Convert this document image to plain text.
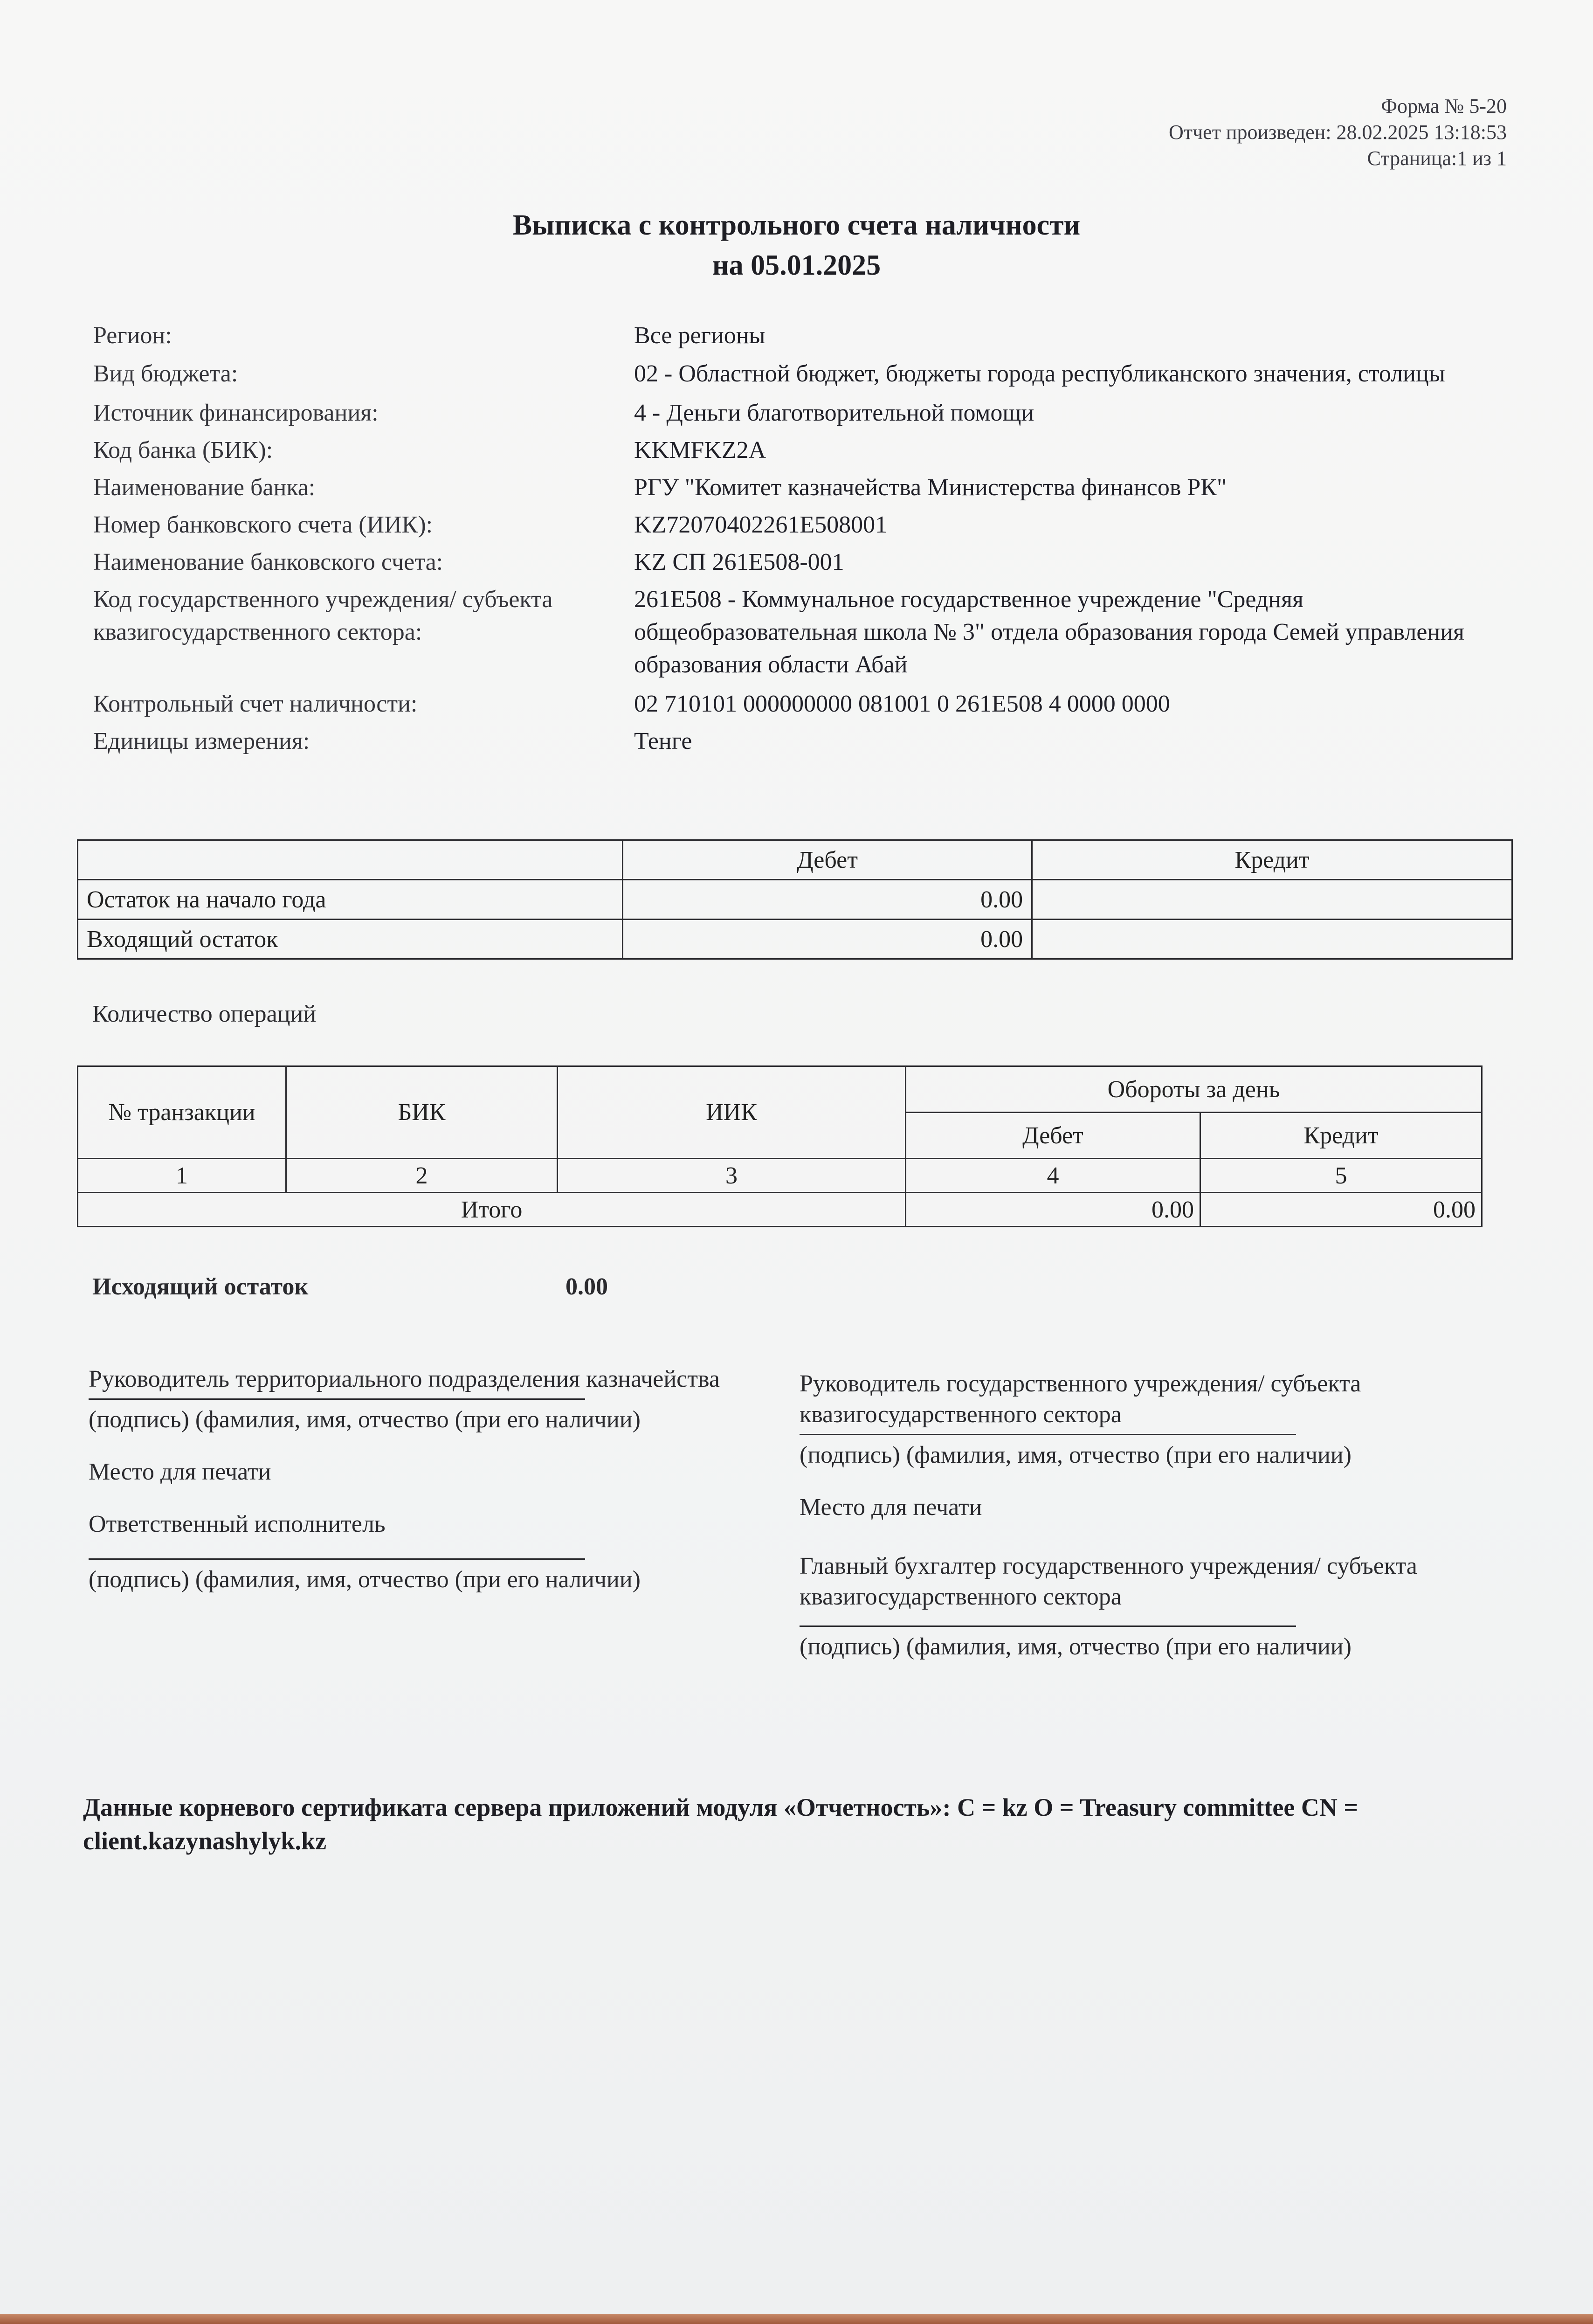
Форма № 5-20
Отчет произведен: 28.02.2025 13:18:53
Страница:1 из 1
Выписка с контрольного счета наличности
на 05.01.2025
Регион:	Все регионы
Вид бюджета:	02 - Областной бюджет, бюджеты города республиканского значения, столицы
Источник финансирования:	4 - Деньги благотворительной помощи
Код банка (БИК):	KKMFKZ2A
Наименование банка:	РГУ "Комитет казначейства Министерства финансов РК"
Номер банковского счета (ИИК):	KZ72070402261E508001
Наименование банковского счета:	KZ СП 261E508-001
Код государственного учреждения/ субъекта квазигосударственного сектора:
261E508 - Коммунальное государственное учреждение "Средняя общеобразовательная школа № 3" отдела образования города Семей управления образования области Абай
Контрольный счет наличности:	02 710101 000000000 081001 0 261E508 4 0000 0000
Единицы измерения:	Тенге
	Дебет	Кредит
Остаток на начало года	0.00	
Входящий остаток	0.00	
Количество операций
№ транзакции	БИК	ИИК	Обороты за день	
			Дебет	Кредит
1	2	3	4	5
Итого			0.00	0.00
Исходящий остаток	0.00
Руководитель территориального подразделения казначейства
(подпись) (фамилия, имя, отчество (при его наличии)
Место для печати
Ответственный исполнитель
(подпись) (фамилия, имя, отчество (при его наличии)
Руководитель государственного учреждения/ субъекта квазигосударственного сектора
(подпись) (фамилия, имя, отчество (при его наличии)
Место для печати
Главный бухгалтер государственного учреждения/ субъекта квазигосударственного сектора
(подпись) (фамилия, имя, отчество (при его наличии)
Данные корневого сертификата сервера приложений модуля «Отчетность»: C = kz O = Treasury committee CN = client.kazynashylyk.kz
